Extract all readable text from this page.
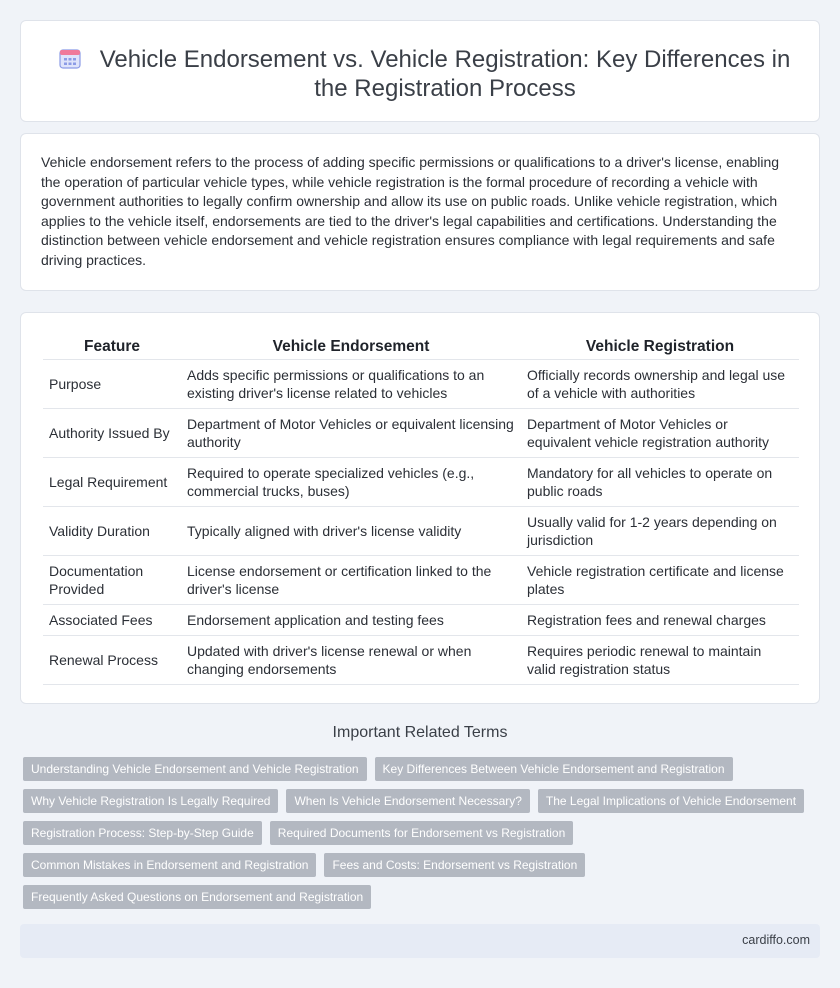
Vehicle Endorsement vs. Vehicle Registration: Key Differences in the Registration Process

Vehicle endorsement refers to the process of adding specific permissions or qualifications to a driver's license, enabling the operation of particular vehicle types, while vehicle registration is the formal procedure of recording a vehicle with government authorities to legally confirm ownership and allow its use on public roads. Unlike vehicle registration, which applies to the vehicle itself, endorsements are tied to the driver's legal capabilities and certifications. Understanding the distinction between vehicle endorsement and vehicle registration ensures compliance with legal requirements and safe driving practices.

Feature	Vehicle Endorsement	Vehicle Registration
Purpose	Adds specific permissions or qualifications to an existing driver's license related to vehicles	Officially records ownership and legal use of a vehicle with authorities
Authority Issued By	Department of Motor Vehicles or equivalent licensing authority	Department of Motor Vehicles or equivalent vehicle registration authority
Legal Requirement	Required to operate specialized vehicles (e.g., commercial trucks, buses)	Mandatory for all vehicles to operate on public roads
Validity Duration	Typically aligned with driver's license validity	Usually valid for 1-2 years depending on jurisdiction
Documentation Provided	License endorsement or certification linked to the driver's license	Vehicle registration certificate and license plates
Associated Fees	Endorsement application and testing fees	Registration fees and renewal charges
Renewal Process	Updated with driver's license renewal or when changing endorsements	Requires periodic renewal to maintain valid registration status
Important Related Terms
Understanding Vehicle Endorsement and Vehicle Registration	Key Differences Between Vehicle Endorsement and Registration
Why Vehicle Registration Is Legally Required	When Is Vehicle Endorsement Necessary?	The Legal Implications of Vehicle Endorsement
Registration Process: Step-by-Step Guide	Required Documents for Endorsement vs Registration
Common Mistakes in Endorsement and Registration	Fees and Costs: Endorsement vs Registration
Frequently Asked Questions on Endorsement and Registration
cardiffo.com
